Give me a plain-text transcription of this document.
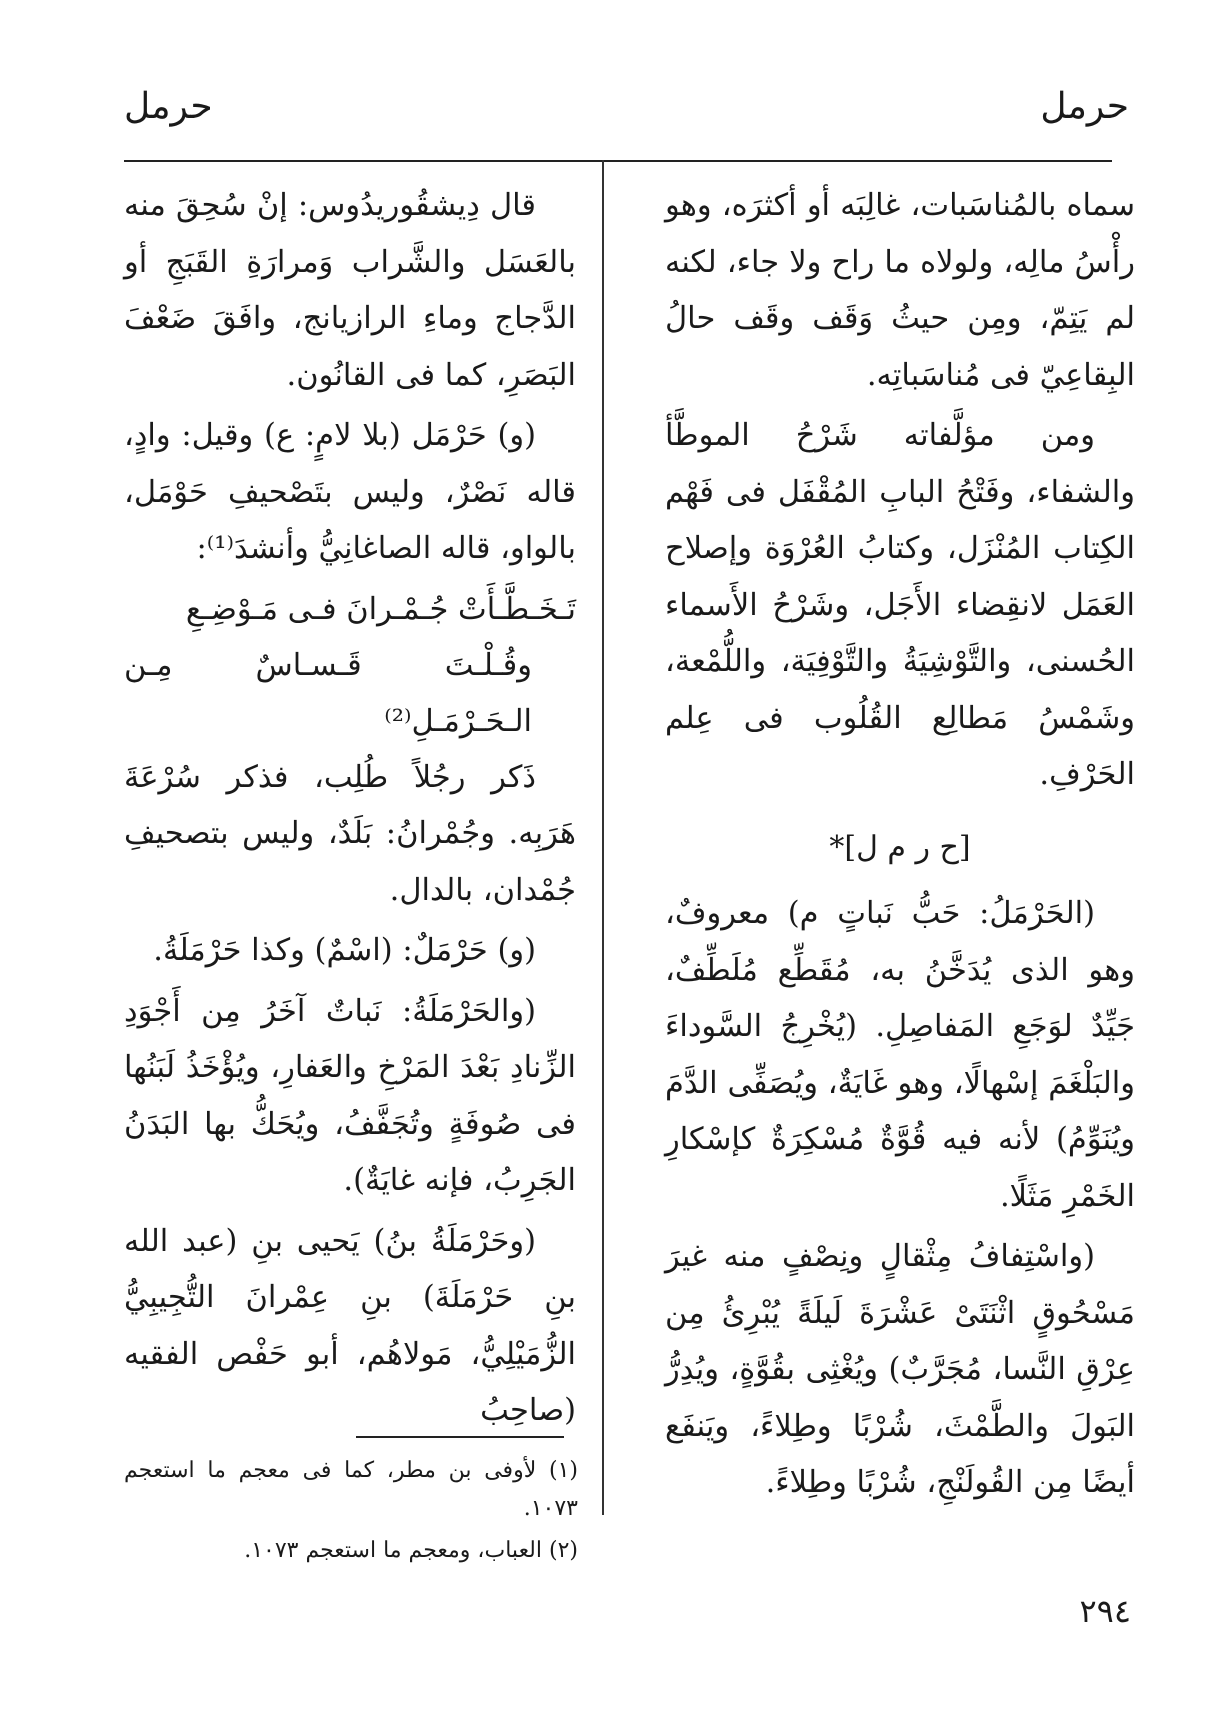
حرمل
حرمل

سماه بالمُناسَبات، غالِبَه أو أكثرَه، وهو رأْسُ مالِه، ولولاه ما راح ولا جاء، لكنه لم يَتِمّ، ومِن حيثُ وَقَف وقَف حالُ البِقاعِيّ فى مُناسَباتِه.

ومن مؤلَّفاته شَرْحُ الموطَّأ والشفاء، وفَتْحُ البابِ المُقْفَل فى فَهْم الكِتاب المُنْزَل، وكتابُ العُرْوَة وإصلاح العَمَل لانقِضاء الأَجَل، وشَرْحُ الأَسماء الحُسنى، والتَّوْشِيَةُ والتَّوْفِيَة، واللُّمْعة، وشَمْسُ مَطالِع القُلُوب فى عِلم الحَرْفِ.

[ح ر م ل]*

(الحَرْمَلُ: حَبُّ نَباتٍ م) معروفٌ، وهو الذى يُدَخَّنُ به، مُقَطِّع مُلَطِّفٌ، جَيِّدٌ لوَجَعِ المَفاصِلِ. (يُخْرِجُ السَّوداءَ والبَلْغَمَ إسْهالًا، وهو غَايَةٌ، ويُصَفِّى الدَّمَ ويُنَوِّمُ) لأنه فيه قُوَّةٌ مُسْكِرَةٌ كإسْكارِ الخَمْرِ مَثَلًا.

(واسْتِفافُ مِثْقالٍ ونِصْفٍ منه غيرَ مَسْحُوقٍ اثْنَتَىْ عَشْرَةَ لَيلَةً يُبْرِئُ مِن عِرْقِ النَّسا، مُجَرَّبٌ) ويُغْثِى بقُوَّةٍ، ويُدِرُّ البَولَ والطَّمْثَ، شُرْبًا وطِلاءً، ويَنفَع أيضًا مِن القُولَنْجِ، شُرْبًا وطِلاءً.

قال دِيشقُوريدُوس: إنْ سُحِقَ منه بالعَسَل والشَّراب وَمرارَةِ القَبَجِ أو الدَّجاج وماءِ الرازيانج، وافَقَ ضَعْفَ البَصَرِ، كما فى القانُون.

(و) حَرْمَل (بلا لامٍ: ع) وقيل: وادٍ، قاله نَصْرٌ، وليس بتَصْحيفِ حَوْمَل، بالواو، قاله الصاغانِيُّ وأنشدَ⁽¹⁾:

تَـخَـطَّـأَتْ جُـمْـرانَ فـى مَـوْضِـعِ

وقُـلْـتَ قَـسـاسٌ مِـن الـحَـرْمَـلِ⁽²⁾

ذَكر رجُلاً طُلِب، فذكر سُرْعَةَ هَرَبِه. وجُمْرانُ: بَلَدٌ، وليس بتصحيفِ جُمْدان، بالدال.

(و) حَرْمَلٌ: (اسْمٌ) وكذا حَرْمَلَةُ.

(والحَرْمَلَةُ: نَباتٌ آخَرُ مِن أَجْوَدِ الزِّنادِ بَعْدَ المَرْخِ والعَفارِ، ويُؤْخَذُ لَبَنُها فى صُوفَةٍ وتُجَفَّفُ، ويُحَكُّ بها البَدَنُ الجَرِبُ، فإنه غايَةٌ).

(وحَرْمَلَةُ بنُ) يَحيى بنِ (عبد الله بنِ حَرْمَلَةَ) بنِ عِمْرانَ التُّجِيبِيُّ الزُّمَيْلِيُّ، مَولاهُم، أبو حَفْص الفقيه (صاحِبُ

(١) لأوفى بن مطر، كما فى معجم ما استعجم ١٠٧٣.

(٢) العباب، ومعجم ما استعجم ١٠٧٣.

٢٩٤
